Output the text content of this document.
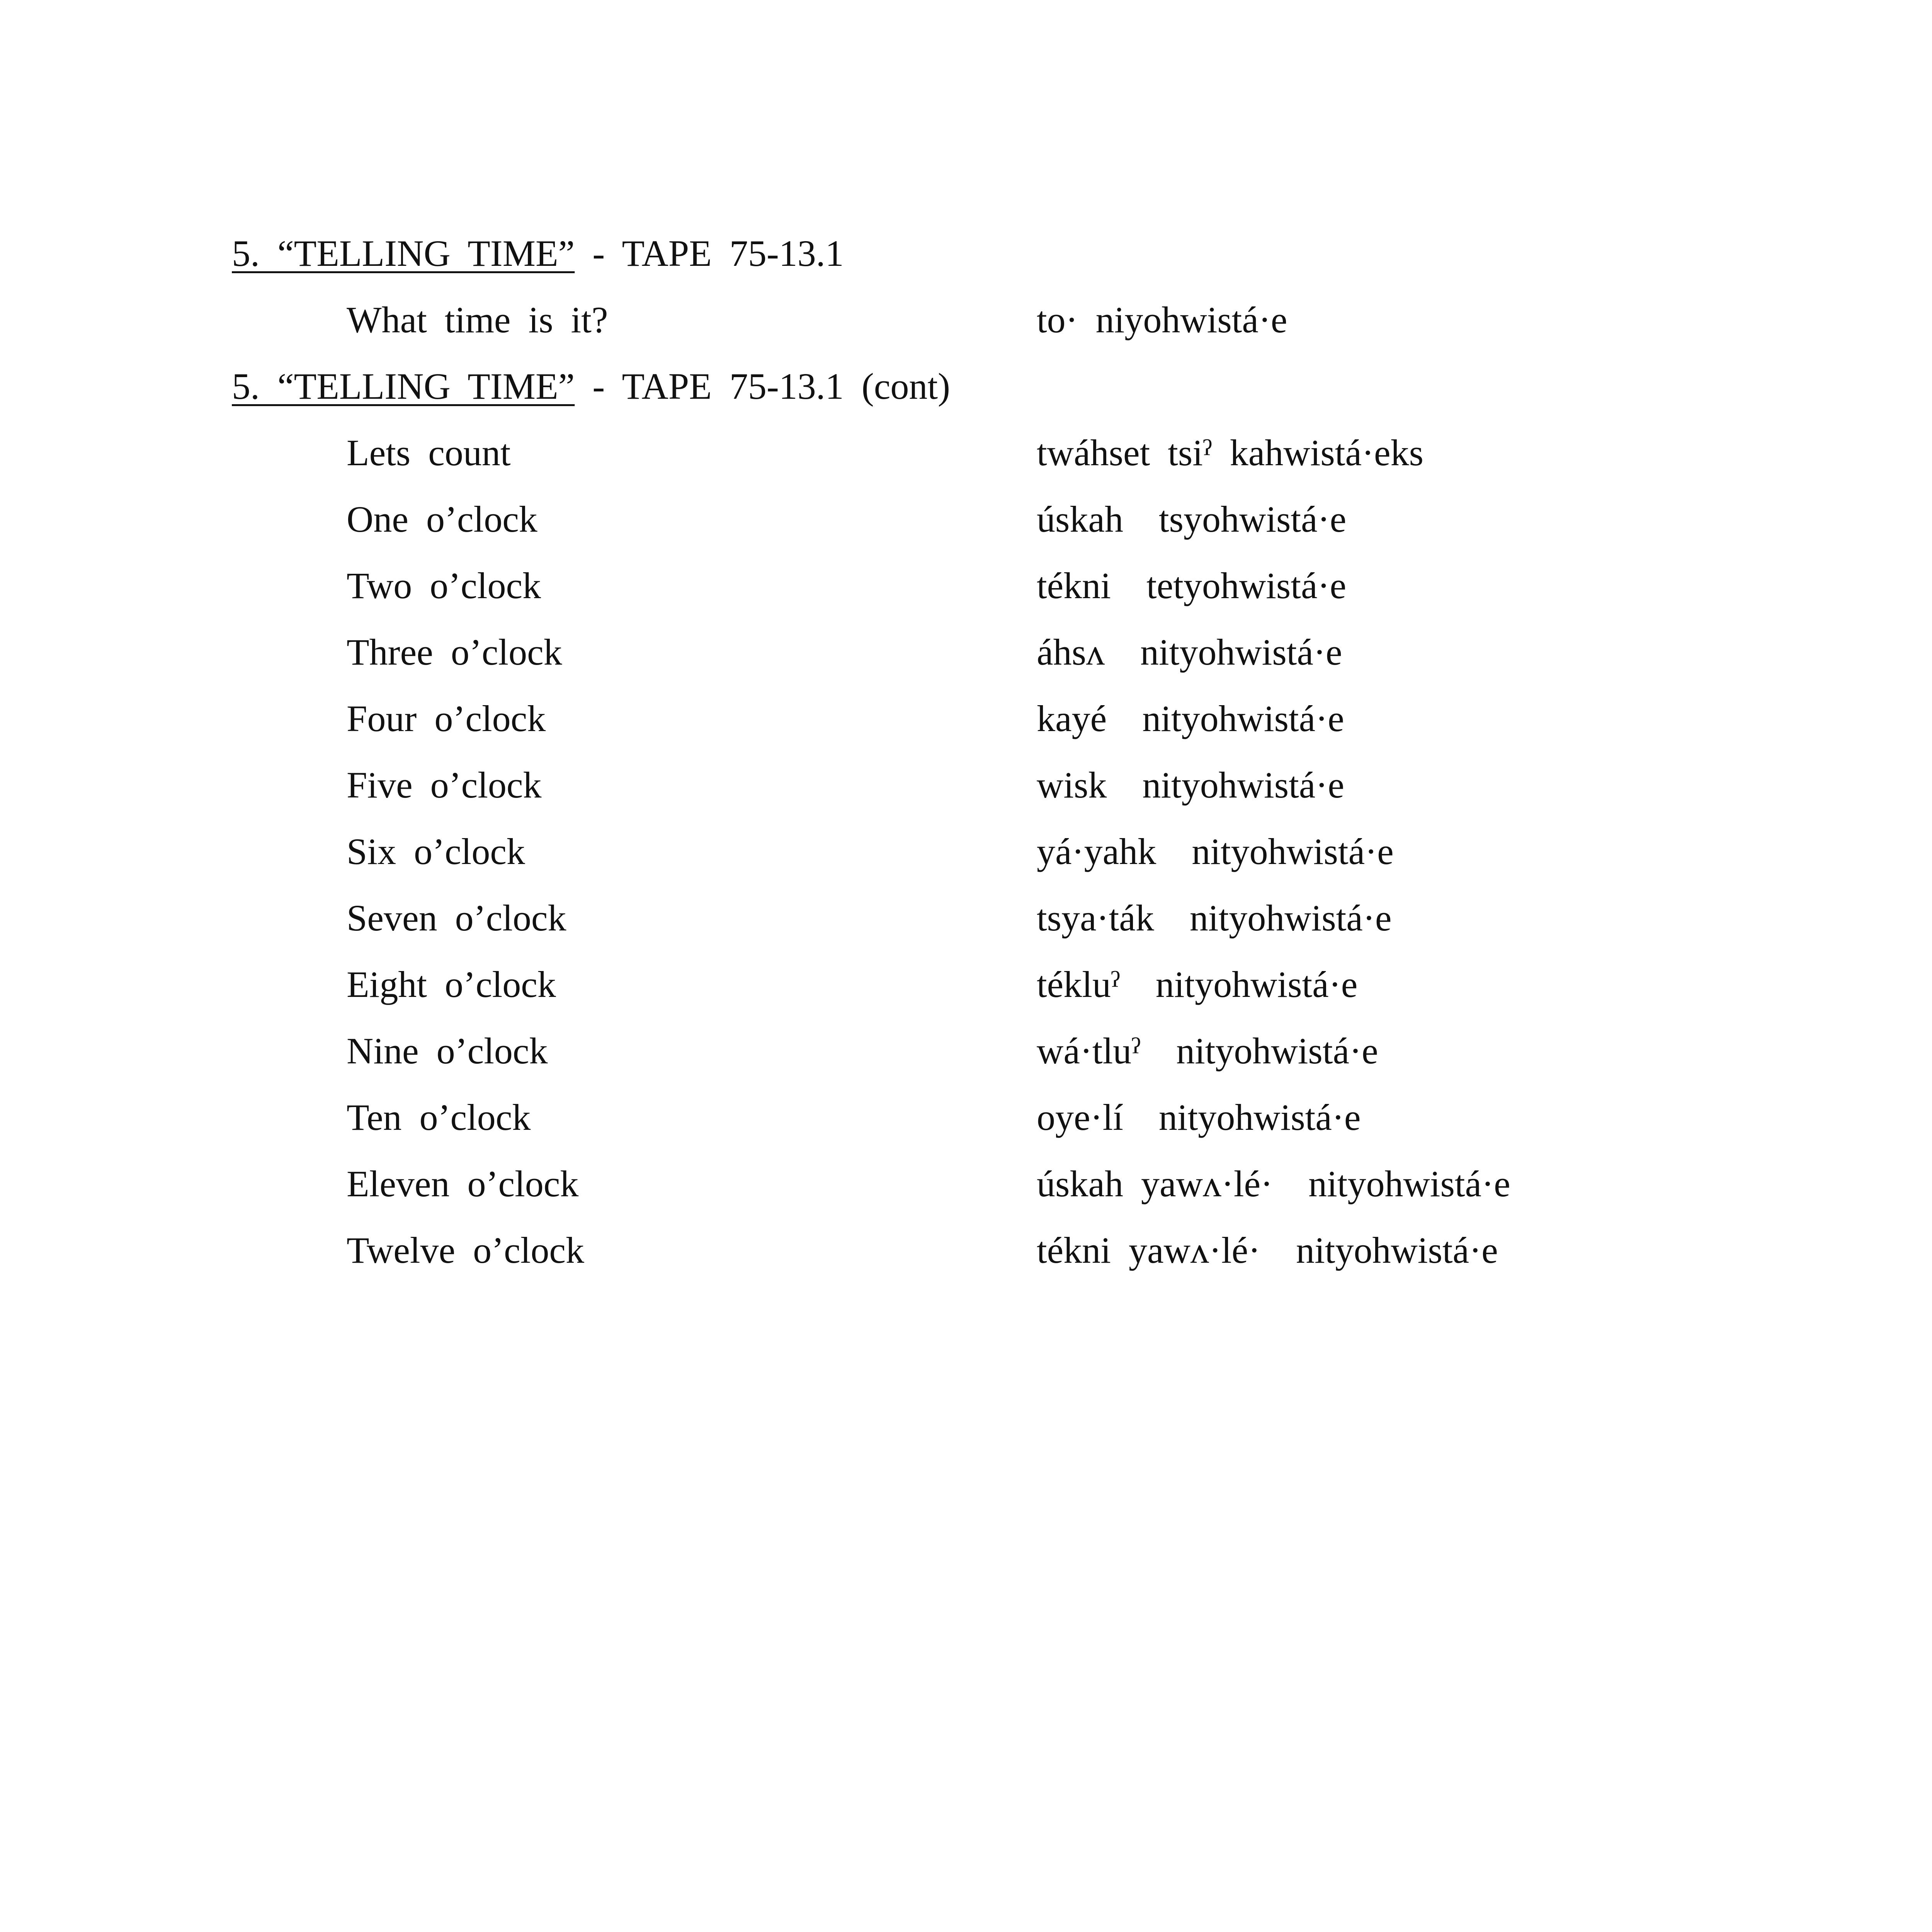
5. “TELLING TIME” - TAPE 75-13.1

What time is it?

	to· niyohwistá·e

5. “TELLING TIME” - TAPE 75-13.1 (cont)

Lets count

	twáhset tsiˀ kahwistá·eks

One o’clock

	úskah  tsyohwistá·e

Two o’clock

	tékni  tetyohwistá·e

Three o’clock

	áhsʌ  nityohwistá·e

Four o’clock

	kayé  nityohwistá·e

Five o’clock

	wisk  nityohwistá·e

Six o’clock

	yá·yahk  nityohwistá·e

Seven o’clock

	tsya·ták  nityohwistá·e

Eight o’clock

	tékluˀ  nityohwistá·e

Nine o’clock

	wá·tluˀ  nityohwistá·e

Ten o’clock

	oye·lí  nityohwistá·e

Eleven o’clock

	úskah yawʌ·lé·  nityohwistá·e

Twelve o’clock

	tékni yawʌ·lé·  nityohwistá·e
